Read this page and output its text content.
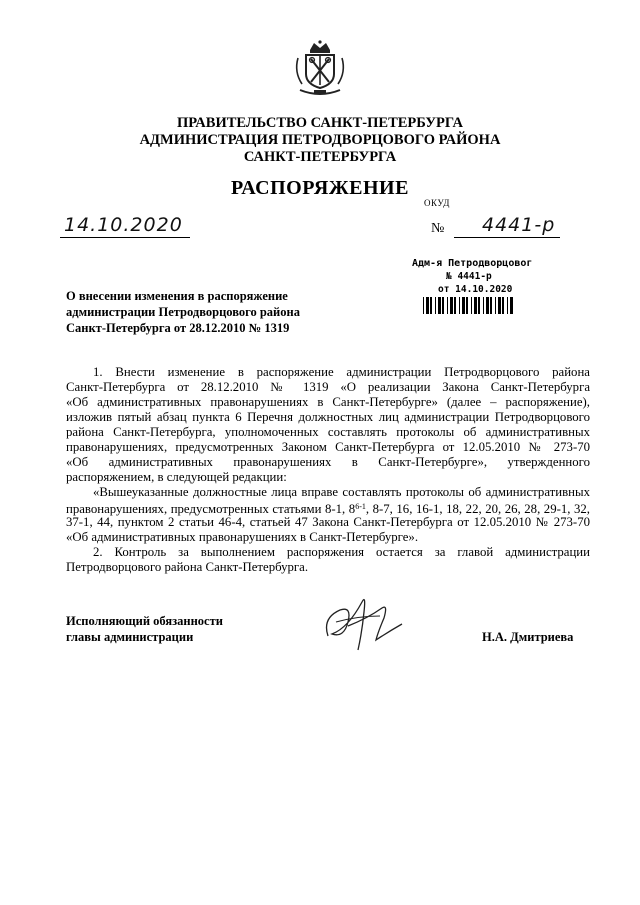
ПРАВИТЕЛЬСТВО САНКТ-ПЕТЕРБУРГА
АДМИНИСТРАЦИЯ ПЕТРОДВОРЦОВОГО РАЙОНА
САНКТ-ПЕТЕРБУРГА
РАСПОРЯЖЕНИЕ
ОКУД
14.10.2020	№ 4441-р
Адм-я Петродворцовог
№ 4441-р
от 14.10.2020
О внесении изменения в распоряжение
администрации Петродворцового района
Санкт-Петербурга от 28.12.2010 № 1319
1. Внести изменение в распоряжение администрации Петродворцового района
Санкт-Петербурга от 28.12.2010 № 1319 «О реализации Закона Санкт-Петербурга
«Об административных правонарушениях в Санкт-Петербурге» (далее – распоряжение),
изложив пятый абзац пункта 6 Перечня должностных лиц администрации Петродворцового
района Санкт-Петербурга, уполномоченных составлять протоколы об административных
правонарушениях, предусмотренных Законом Санкт-Петербурга от 12.05.2010 № 273-70
«Об административных правонарушениях в Санкт-Петербурге», утвержденного
распоряжением, в следующей редакции:
«Вышеуказанные должностные лица вправе составлять протоколы об административных
правонарушениях, предусмотренных статьями 8-1, 8$^{6-1}$, 8-7, 16, 16-1, 18, 22, 20, 26, 28, 29-1, 32,
37-1, 44, пунктом 2 статьи 46-4, статьей 47 Закона Санкт-Петербурга от 12.05.2010 № 273-70
«Об административных правонарушениях в Санкт-Петербурге».
2. Контроль за выполнением распоряжения остается за главой администрации
Петродворцового района Санкт-Петербурга.
Исполняющий обязанности
главы администрации	Н.А. Дмитриева
